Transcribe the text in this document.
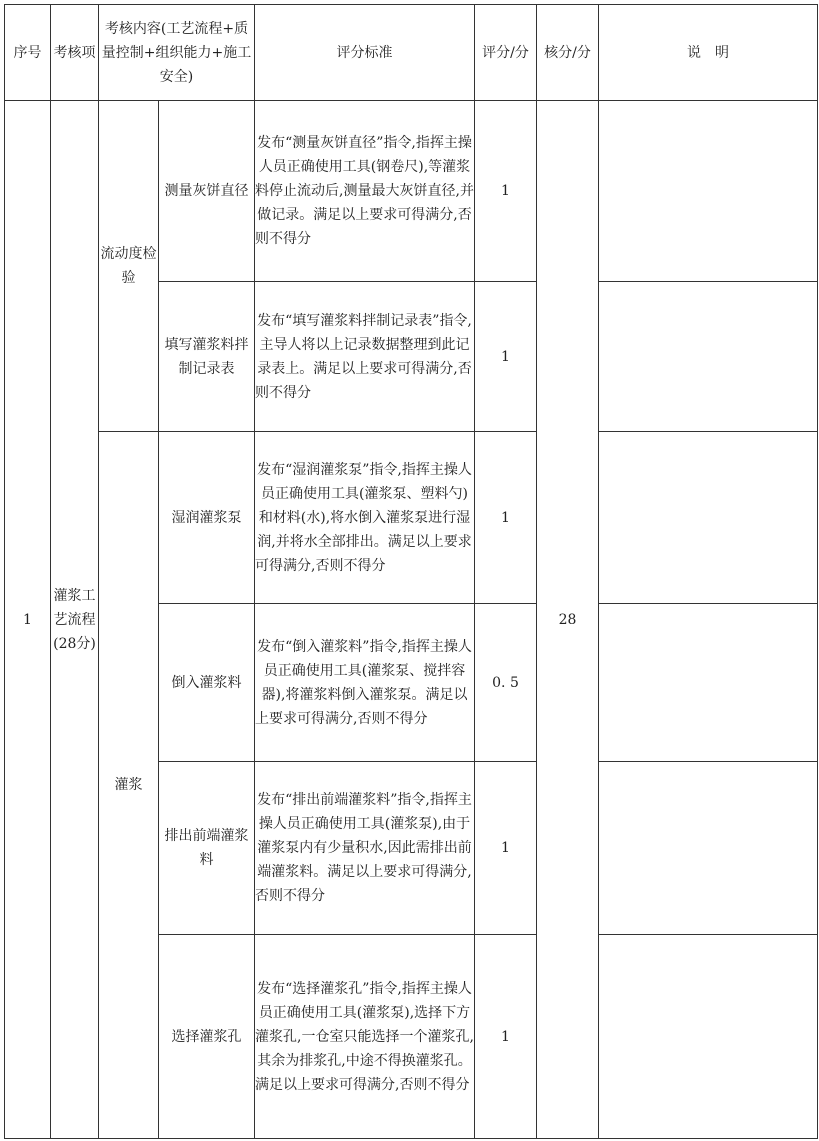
序号	考核项	考核内容(工艺流程+质量控制+组织能力+施工安全)		评分标准	评分/分	核分/分	说　明
1	灌浆工艺流程(28分)	流动度检验	测量灰饼直径	发布“测量灰饼直径”指令,指挥主操人员正确使用工具(钢卷尺),等灌浆料停止流动后,测量最大灰饼直径,并做记录。满足以上要求可得满分,否则不得分	1	28	
			填写灌浆料拌制记录表	发布“填写灌浆料拌制记录表”指令,主导人将以上记录数据整理到此记录表上。满足以上要求可得满分,否则不得分	1		
		灌浆	湿润灌浆泵	发布“湿润灌浆泵”指令,指挥主操人员正确使用工具(灌浆泵、塑料勺)和材料(水),将水倒入灌浆泵进行湿润,并将水全部排出。满足以上要求可得满分,否则不得分	1		
			倒入灌浆料	发布“倒入灌浆料”指令,指挥主操人员正确使用工具(灌浆泵、搅拌容器),将灌浆料倒入灌浆泵。满足以上要求可得满分,否则不得分	0. 5		
			排出前端灌浆料	发布“排出前端灌浆料”指令,指挥主操人员正确使用工具(灌浆泵),由于灌浆泵内有少量积水,因此需排出前端灌浆料。满足以上要求可得满分,否则不得分	1		
			选择灌浆孔	发布“选择灌浆孔”指令,指挥主操人员正确使用工具(灌浆泵),选择下方灌浆孔,一仓室只能选择一个灌浆孔,其余为排浆孔,中途不得换灌浆孔。满足以上要求可得满分,否则不得分	1		
